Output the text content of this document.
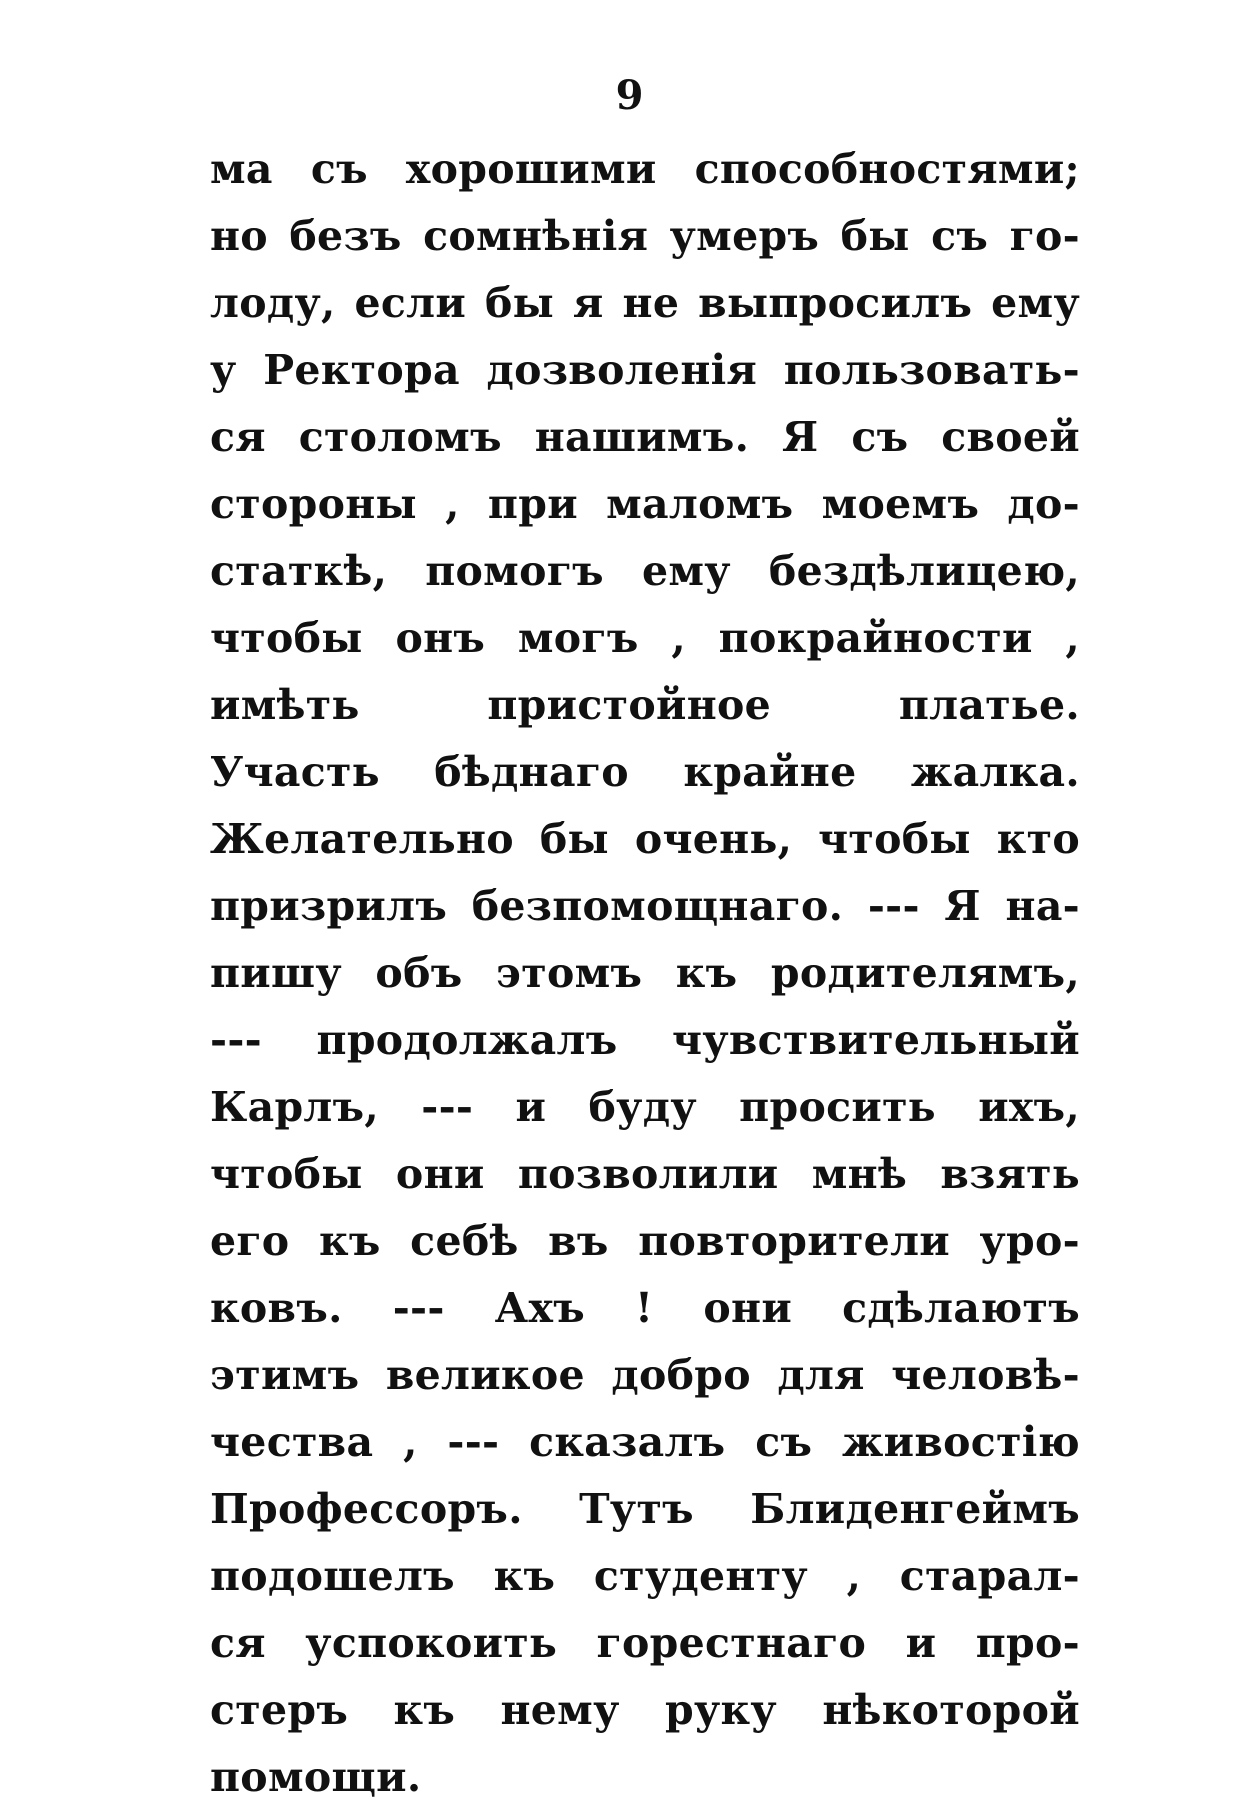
9
ма съ хорошими способностями;
но безъ сомнѣнія умеръ бы съ го-
лоду, если бы я не выпросилъ ему
у Ректора дозволенія пользовать-
ся столомъ нашимъ. Я съ своей
стороны , при маломъ моемъ до-
статкѣ, помогъ ему бездѣлицею,
чтобы онъ могъ , покрайности ,
имѣть пристойное платье.
Участь бѣднаго крайне жалка.
Желательно бы очень, чтобы кто
призрилъ безпомощнаго. --- Я на-
пишу объ этомъ къ родителямъ,
--- продолжалъ чувствительный
Карлъ, --- и буду просить ихъ,
чтобы они позволили мнѣ взять
его къ себѣ въ повторители уро-
ковъ. --- Ахъ ! они сдѣлаютъ
этимъ великое добро для человѣ-
чества , --- сказалъ съ живостію
Профессоръ. Тутъ Блиденгеймъ
подошелъ къ студенту , старал-
ся успокоить горестнаго и про-
стеръ къ нему руку нѣкоторой
помощи.
